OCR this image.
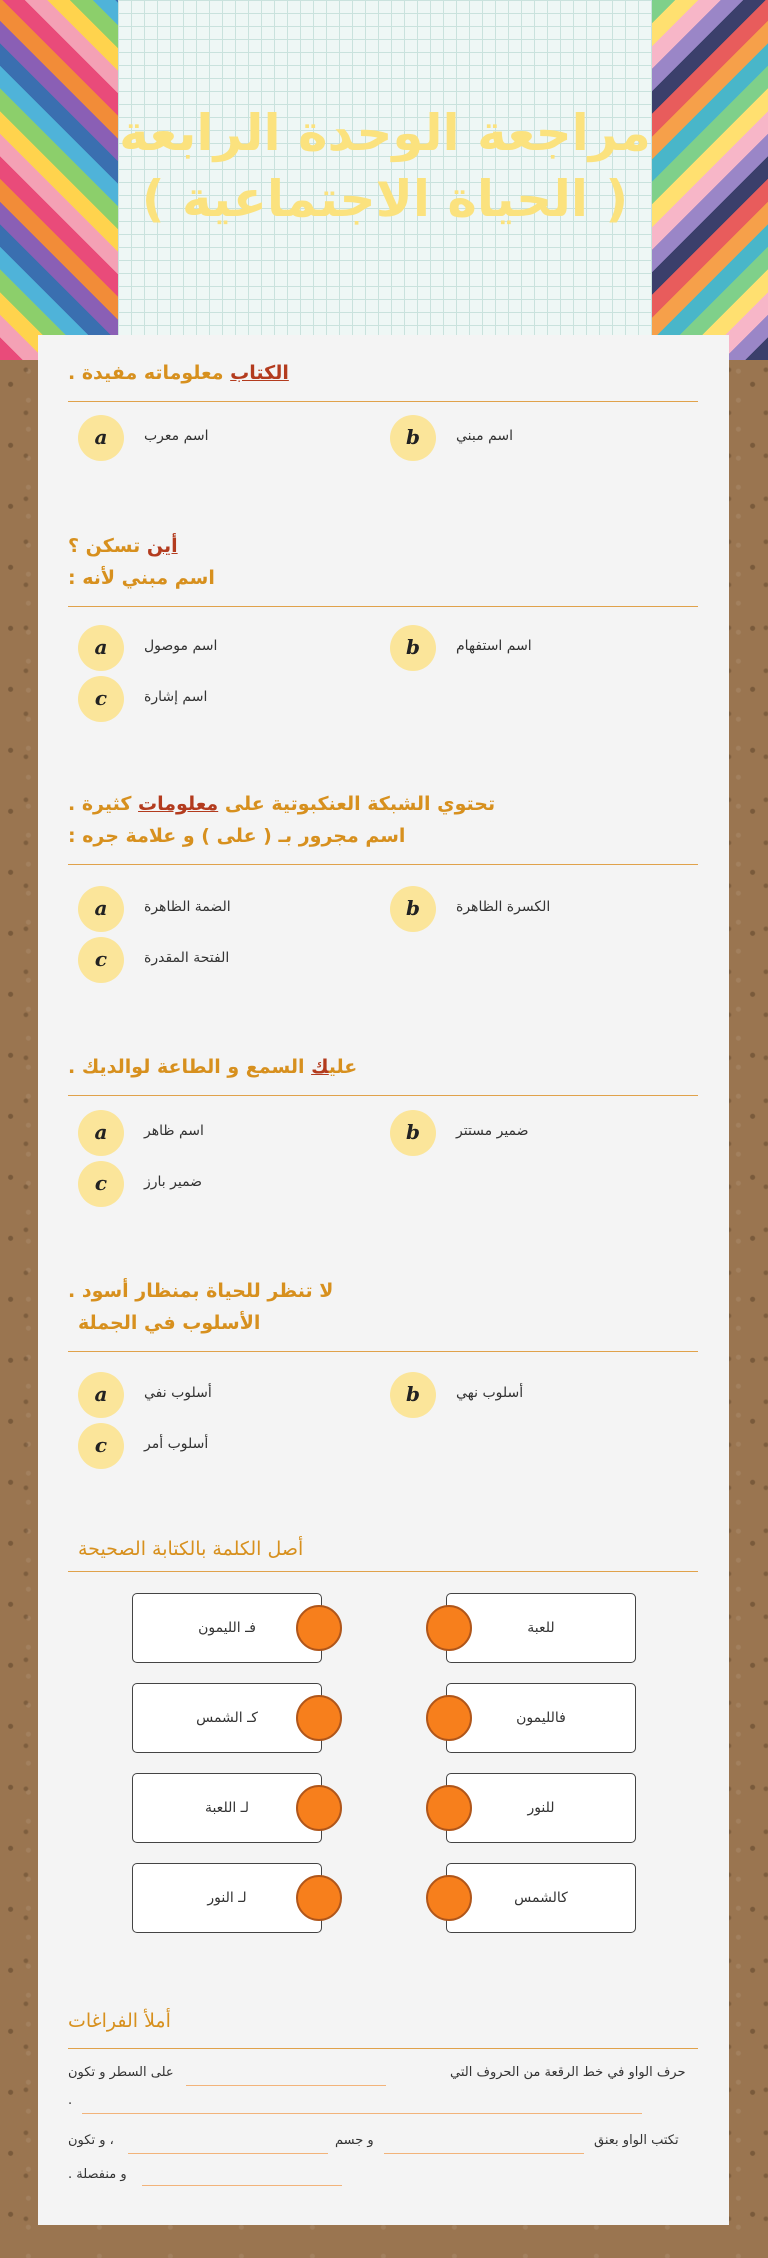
مراجعة الوحدة الرابعة ( الحياة الاجتماعية )

الكتاب معلوماته مفيدة .

a	اسم معرب	b	اسم مبني

أين تسكن ؟

اسم مبني لأنه :

a	اسم موصول	b	اسم استفهام
c	اسم إشارة

تحتوي الشبكة العنكبوتية على معلومات كثيرة .

اسم مجرور بـ ( على ) و علامة جره :

a	الضمة الظاهرة	b	الكسرة الظاهرة
c	الفتحة المقدرة

عليك السمع و الطاعة لوالديك .

a	اسم ظاهر	b	ضمير مستتر
c	ضمير بارز

لا تنظر للحياة بمنظار أسود .

الأسلوب في الجملة

a	أسلوب نفي	b	أسلوب نهي
c	أسلوب أمر
أصل الكلمة بالكتابة الصحيحة
فـ الليمون	للعبة
كـ الشمس	فالليمون
لـ اللعبة	للنور
لـ النور	كالشمس
أملأ الفراغات
حرف الواو في خط الرقعة من الحروف التي
على السطر و تكون
.
تكتب الواو بعنق
و جسم
، و تكون
و منفصلة .
